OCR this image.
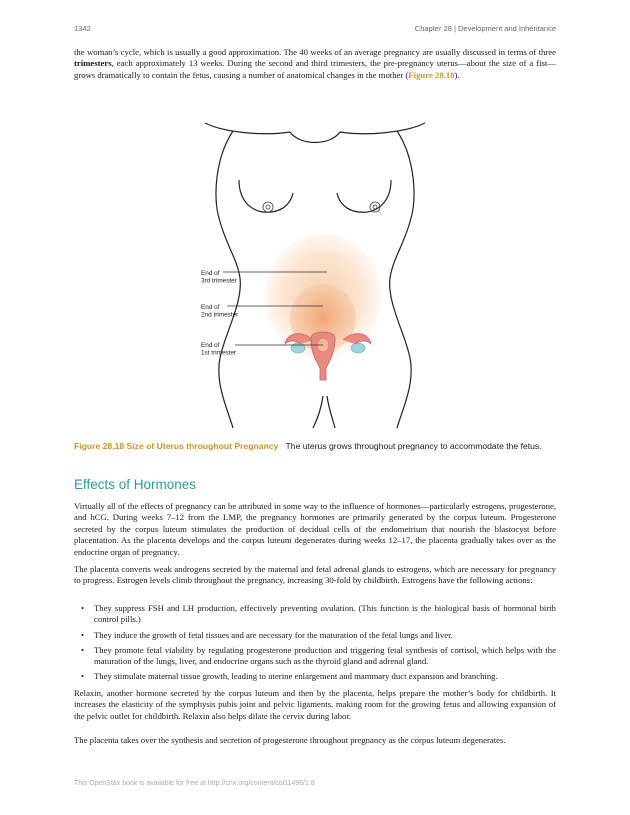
1342	Chapter 28 | Development and Inheritance

the woman’s cycle, which is usually a good approximation. The 40 weeks of an average pregnancy are usually discussed in terms of three trimesters, each approximately 13 weeks. During the second and third trimesters, the pre-pregnancy uterus—about the size of a fist—grows dramatically to contain the fetus, causing a number of anatomical changes in the mother (Figure 28.18).

End of 3rd trimester
End of 2nd trimester
End of 1st trimester

Figure 28.18 Size of Uterus throughout Pregnancy The uterus grows throughout pregnancy to accommodate the fetus.

Effects of Hormones

Virtually all of the effects of pregnancy can be attributed in some way to the influence of hormones—particularly estrogens, progesterone, and hCG. During weeks 7–12 from the LMP, the pregnancy hormones are primarily generated by the corpus luteum. Progesterone secreted by the corpus luteum stimulates the production of decidual cells of the endometrium that nourish the blastocyst before placentation. As the placenta develops and the corpus luteum degenerates during weeks 12–17, the placenta gradually takes over as the endocrine organ of pregnancy.

The placenta converts weak androgens secreted by the maternal and fetal adrenal glands to estrogens, which are necessary for pregnancy to progress. Estrogen levels climb throughout the pregnancy, increasing 30-fold by childbirth. Estrogens have the following actions:

• They suppress FSH and LH production, effectively preventing ovulation. (This function is the biological basis of hormonal birth control pills.)
• They induce the growth of fetal tissues and are necessary for the maturation of the fetal lungs and liver.
• They promote fetal viability by regulating progesterone production and triggering fetal synthesis of cortisol, which helps with the maturation of the lungs, liver, and endocrine organs such as the thyroid gland and adrenal gland.
• They stimulate maternal tissue growth, leading to uterine enlargement and mammary duct expansion and branching.

Relaxin, another hormone secreted by the corpus luteum and then by the placenta, helps prepare the mother’s body for childbirth. It increases the elasticity of the symphysis pubis joint and pelvic ligaments, making room for the growing fetus and allowing expansion of the pelvic outlet for childbirth. Relaxin also helps dilate the cervix during labor.

The placenta takes over the synthesis and secretion of progesterone throughout pregnancy as the corpus luteum degenerates.

This OpenStax book is available for free at http://cnx.org/content/col11496/1.8
